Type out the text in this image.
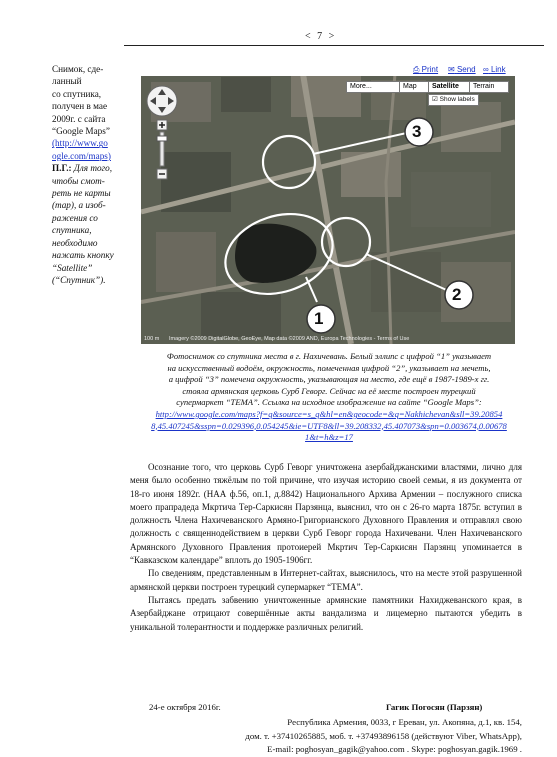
< 7 >
Снимок, сде-
ланный
со спутника,
получен в мае
2009г. с сайта
“Google Maps”
(http://www.go
ogle.com/maps)
П.Г.: Для того,
чтобы смот-
реть не карты
(map), а изоб-
ражения со
спутника,
необходимо
нажать кнопку
“Satellite”
(“Спутник”).
1
2
3
⎙ Print ✉ Send ∞ Link
More...	Map	Satellite	Terrain
☑ Show labels
100 m Imagery ©2009 DigitalGlobe, GeoEye, Map data ©2009 AND, Europa Technologies - Terms of Use
Фотоснимок со спутника места в г. Нахичевань. Белый эллипс с цифрой “1” указывает
на искусственный водоём, окружность, помеченная цифрой “2”, указывает на мечеть,
а цифрой “3” помечена окружность, указывающая на место, где ещё в 1987-1989-х гг.
стояла армянская церковь Сурб Геворг. Сейчас на её месте построен турецкий
супермаркет “TEMA”. Ссылка на исходное изображение на сайте “Google Maps”:
http://www.google.com/maps?f=q&source=s_q&hl=en&geocode=&q=Nakhichevan&sll=39.20854
8,45.407245&sspn=0.029396,0.054245&ie=UTF8&ll=39.208332,45.407073&spn=0.003674,0.00678
1&t=h&z=17

Осознание того, что церковь Сурб Геворг уничтожена азербайджанскими властями, лично для меня было особенно тяжёлым по той причине, что изучая историю своей семьи, я из документа от 18-го июня 1892г. (НАА ф.56, оп.1, д.8842) Национального Архива Армении – послужного списка моего прапрадеда Мкртича Тер-Саркисян Парзянца, выяснил, что он с 26-го марта 1875г. вступил в должность Члена Нахичеванского Армяно-Григорианского Духовного Правления и отправлял свою должность с священнодействием в церкви Сурб Геворг города Нахичевани. Член Нахичеванского Армянского Духовного Правления протоиерей Мкртич Тер-Саркисян Парзянц упоминается в “Кавказском календаре” вплоть до 1905-1906гг.

По сведениям, представленным в Интернет-сайтах, выяснилось, что на месте этой разрушенной армянской церкви построен турецкий супермаркет “TEMA”.

Пытаясь предать забвению уничтоженные армянские памятники Нахиджеванского края, в Азербайджане отрицают совершённые акты вандализма и лицемерно пытаются убедить в уникальной толерантности и поддержке различных религий.

24-е октября 2016г.	Гагик Погосян (Парзян)
Республика Армения, 0033, г Ереван, ул. Акопяна, д.1, кв. 154,
дом. т. +37410265885, моб. т. +37493896158 (действуют Viber, WhatsApp),
E-mail: poghosyan_gagik@yahoo.com . Skype: poghosyan.gagik.1969 .
